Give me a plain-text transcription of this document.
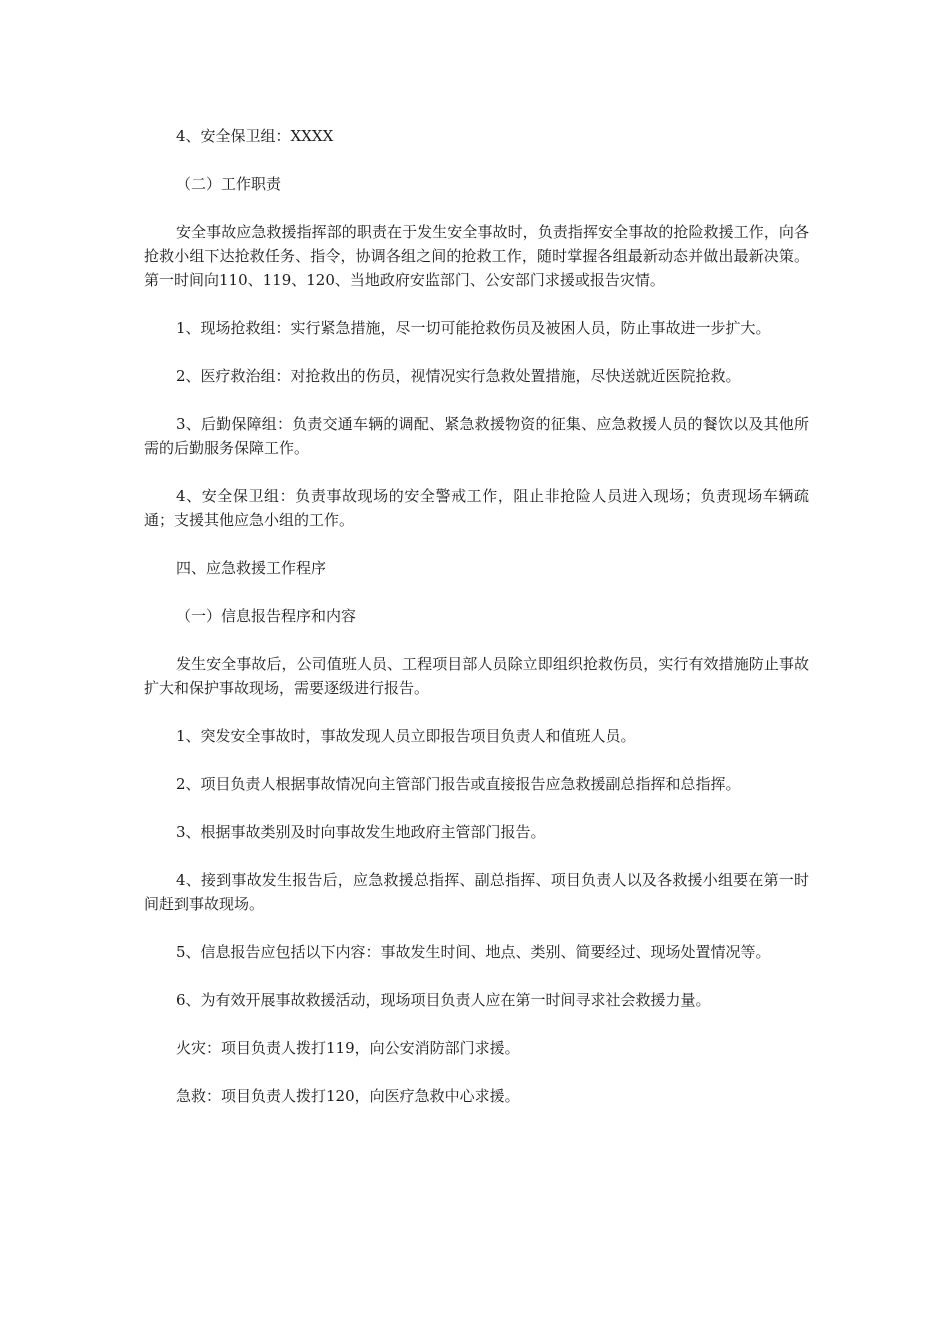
4、安全保卫组：XXXX

（二）工作职责

安全事故应急救援指挥部的职责在于发生安全事故时，负责指挥安全事故的抢险救援工作，向各抢救小组下达抢救任务、指令，协调各组之间的抢救工作，随时掌握各组最新动态并做出最新决策。第一时间向110、119、120、当地政府安监部门、公安部门求援或报告灾情。

1、现场抢救组：实行紧急措施，尽一切可能抢救伤员及被困人员，防止事故进一步扩大。

2、医疗救治组：对抢救出的伤员，视情况实行急救处置措施，尽快送就近医院抢救。

3、后勤保障组：负责交通车辆的调配、紧急救援物资的征集、应急救援人员的餐饮以及其他所需的后勤服务保障工作。

4、安全保卫组：负责事故现场的安全警戒工作，阻止非抢险人员进入现场；负责现场车辆疏通；支援其他应急小组的工作。

四、应急救援工作程序

（一）信息报告程序和内容

发生安全事故后，公司值班人员、工程项目部人员除立即组织抢救伤员，实行有效措施防止事故扩大和保护事故现场，需要逐级进行报告。

1、突发安全事故时，事故发现人员立即报告项目负责人和值班人员。

2、项目负责人根据事故情况向主管部门报告或直接报告应急救援副总指挥和总指挥。

3、根据事故类别及时向事故发生地政府主管部门报告。

4、接到事故发生报告后，应急救援总指挥、副总指挥、项目负责人以及各救援小组要在第一时间赶到事故现场。

5、信息报告应包括以下内容：事故发生时间、地点、类别、简要经过、现场处置情况等。

6、为有效开展事故救援活动，现场项目负责人应在第一时间寻求社会救援力量。

火灾：项目负责人拨打119，向公安消防部门求援。

急救：项目负责人拨打120，向医疗急救中心求援。
